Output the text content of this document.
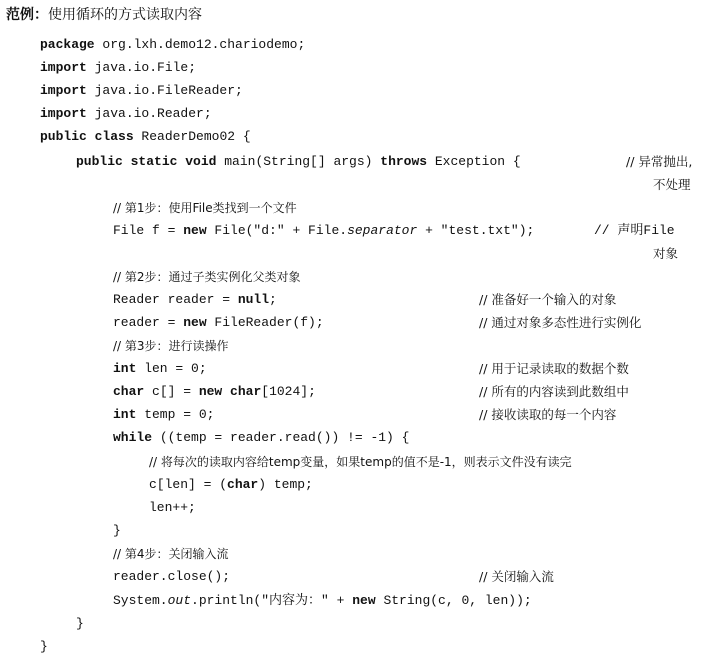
范例：使用循环的方式读取内容
package org.lxh.demo12.chariodemo;
import java.io.File;
import java.io.FileReader;
import java.io.Reader;
public class ReaderDemo02 {
public static void main(String[] args) throws Exception {	// 异常抛出,
不处理
// 第1步：使用File类找到一个文件
File f = new File("d:" + File.separator + "test.txt");	// 声明File
对象
// 第2步：通过子类实例化父类对象
Reader reader = null;	// 准备好一个输入的对象
reader = new FileReader(f);	// 通过对象多态性进行实例化
// 第3步：进行读操作
int len = 0;	// 用于记录读取的数据个数
char c[] = new char[1024];	// 所有的内容读到此数组中
int temp = 0;	// 接收读取的每一个内容
while ((temp = reader.read()) != -1) {
// 将每次的读取内容给temp变量，如果temp的值不是-1，则表示文件没有读完
c[len] = (char) temp;
len++;
}
// 第4步：关闭输入流
reader.close();	// 关闭输入流
System.out.println("内容为：" + new String(c, 0, len));
}
}
